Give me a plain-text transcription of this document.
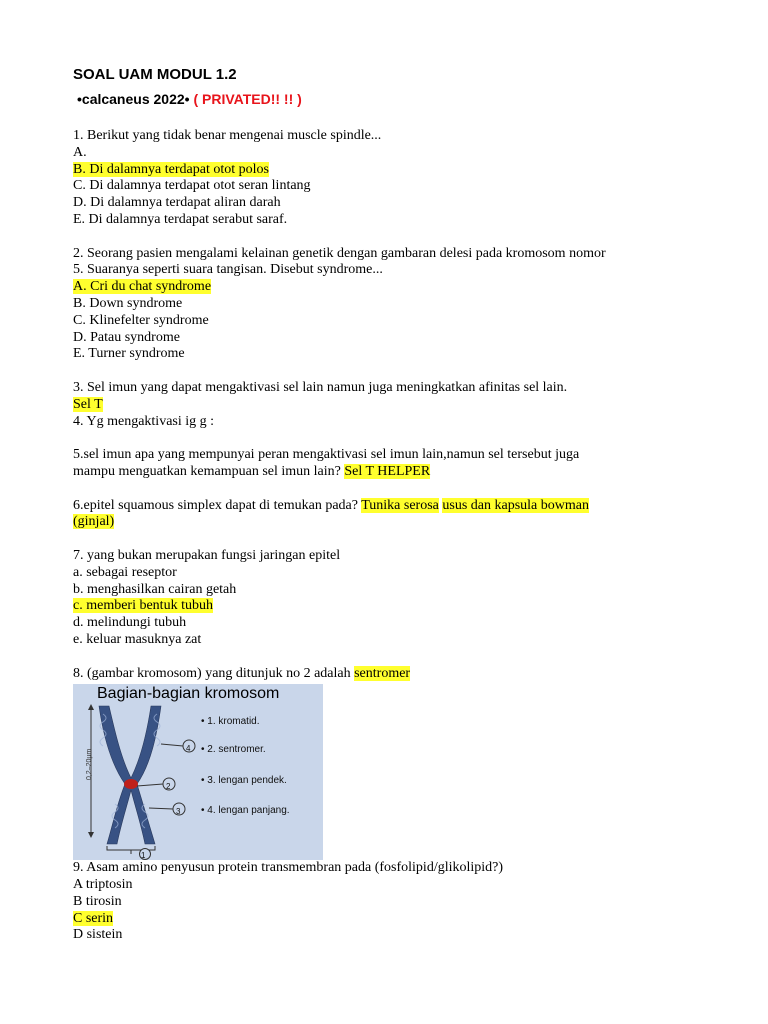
SOAL UAM MODUL 1.2
•calcaneus 2022• ( PRIVATED!! !! )
1. Berikut yang tidak benar mengenai muscle spindle...
A.
B. Di dalamnya terdapat otot polos
C. Di dalamnya terdapat otot seran lintang
D. Di dalamnya terdapat aliran darah
E. Di dalamnya terdapat serabut saraf.
2. Seorang pasien mengalami kelainan genetik dengan gambaran delesi pada kromosom nomor
5. Suaranya seperti suara tangisan. Disebut syndrome...
A. Cri du chat syndrome
B. Down syndrome
C. Klinefelter syndrome
D. Patau syndrome
E. Turner syndrome
3. Sel imun yang dapat mengaktivasi sel lain namun juga meningkatkan afinitas sel lain.
Sel T
4. Yg mengaktivasi ig g :
5.sel imun apa yang mempunyai peran mengaktivasi sel imun lain,namun sel tersebut juga
mampu menguatkan kemampuan sel imun lain? Sel T HELPER
6.epitel squamous simplex dapat di temukan pada? Tunika serosa usus dan kapsula bowman
(ginjal)
7. yang bukan merupakan fungsi jaringan epitel
a. sebagai reseptor
b. menghasilkan cairan getah
c. memberi bentuk tubuh
d. melindungi tubuh
e. keluar masuknya zat
8. (gambar kromosom) yang ditunjuk no 2 adalah sentromer
Bagian-bagian kromosom
• 1. kromatid.
• 2. sentromer.
• 3. lengan pendek.
• 4. lengan panjang.
0,2–20µm
1
2
3
4
9. Asam amino penyusun protein transmembran pada (fosfolipid/glikolipid?)
A triptosin
B tirosin
C serin
D sistein
